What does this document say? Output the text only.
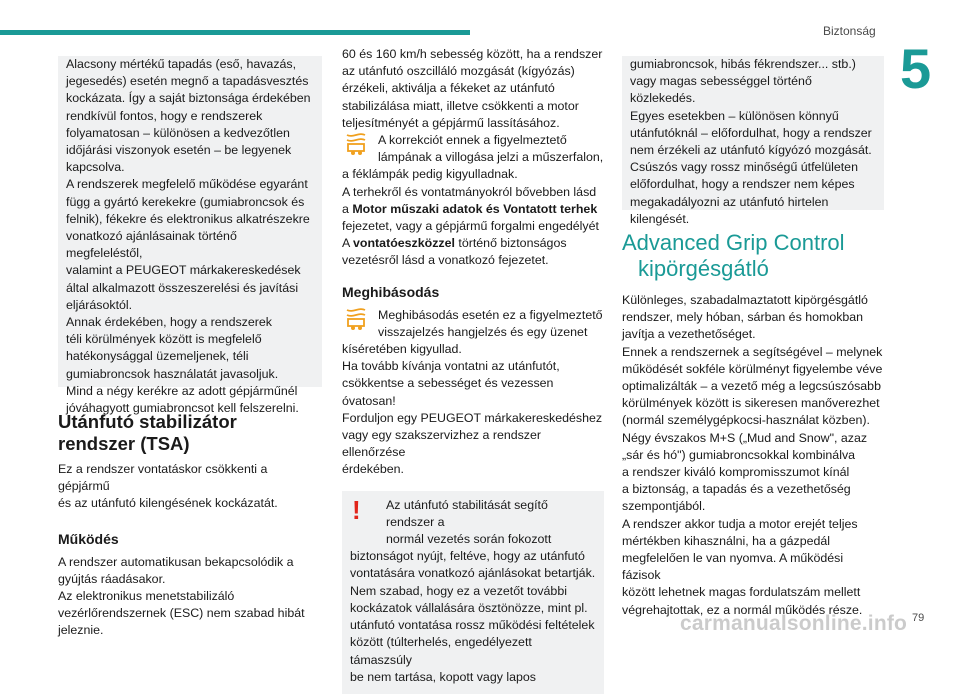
Biztonság
5
Alacsony mértékű tapadás (eső, havazás,
jegesedés) esetén megnő a tapadásvesztés
kockázata. Így a saját biztonsága érdekében
rendkívül fontos, hogy e rendszerek
folyamatosan – különösen a kedvezőtlen
időjárási viszonyok esetén – be legyenek
kapcsolva.
A rendszerek megfelelő működése egyaránt
függ a gyártó kerekekre (gumiabroncsok és
felnik), fékekre és elektronikus alkatrészekre
vonatkozó ajánlásainak történő megfeleléstől,
valamint a PEUGEOT márkakereskedések
által alkalmazott összeszerelési és javítási
eljárásoktól.
Annak érdekében, hogy a rendszerek
téli körülmények között is megfelelő
hatékonysággal üzemeljenek, téli
gumiabroncsok használatát javasoljuk.
Mind a négy kerékre az adott gépjárműnél
jóváhagyott gumiabroncsot kell felszerelni.
Utánfutó stabilizátor
rendszer (TSA)
Ez a rendszer vontatáskor csökkenti a gépjármű
és az utánfutó kilengésének kockázatát.
Működés
A rendszer automatikusan bekapcsolódik a
gyújtás ráadásakor.
Az elektronikus menetstabilizáló
vezérlőrendszernek (ESC) nem szabad hibát
jeleznie.
60 és 160 km/h sebesség között, ha a rendszer
az utánfutó oszcilláló mozgását (kígyózás)
érzékeli, aktiválja a fékeket az utánfutó
stabilizálása miatt, illetve csökkenti a motor
teljesítményét a gépjármű lassításához.
A korrekciót ennek a figyelmeztető
lámpának a villogása jelzi a műszerfalon,
a féklámpák pedig kigyulladnak.
A terhekről és vontatmányokról bővebben lásd
a Motor műszaki adatok és Vontatott terhek
fejezetet, vagy a gépjármű forgalmi engedélyét
A vontatóeszközzel történő biztonságos
vezetésről lásd a vonatkozó fejezetet.
Meghibásodás
Meghibásodás esetén ez a figyelmeztető
visszajelzés hangjelzés és egy üzenet
kíséretében kigyullad.
Ha tovább kívánja vontatni az utánfutót,
csökkentse a sebességet és vezessen óvatosan!
Forduljon egy PEUGEOT márkakereskedéshez
vagy egy szakszervizhez a rendszer ellenőrzése
érdekében.
! Az utánfutó stabilitását segítő rendszer a
normál vezetés során fokozott
biztonságot nyújt, feltéve, hogy az utánfutó
vontatására vonatkozó ajánlásokat betartják.
Nem szabad, hogy ez a vezetőt további
kockázatok vállalására ösztönözze, mint pl.
utánfutó vontatása rossz működési feltételek
között (túlterhelés, engedélyezett támaszsúly
be nem tartása, kopott vagy lapos
gumiabroncsok, hibás fékrendszer... stb.)
vagy magas sebességgel történő közlekedés.
Egyes esetekben – különösen könnyű
utánfutóknál – előfordulhat, hogy a rendszer
nem érzékeli az utánfutó kígyózó mozgását.
Csúszós vagy rossz minőségű útfelületen
előfordulhat, hogy a rendszer nem képes
megakadályozni az utánfutó hirtelen
kilengését.
Advanced Grip Control
kipörgésgátló
Különleges, szabadalmaztatott kipörgésgátló
rendszer, mely hóban, sárban és homokban
javítja a vezethetőséget.
Ennek a rendszernek a segítségével – melynek
működését sokféle körülményt figyelembe véve
optimalizálták – a vezető még a legcsúszósabb
körülmények között is sikeresen manőverezhet
(normál személygépkocsi-használat közben).
Négy évszakos M+S („Mud and Snow", azaz
„sár és hó") gumiabroncsokkal kombinálva
a rendszer kiváló kompromisszumot kínál
a biztonság, a tapadás és a vezethetőség
szempontjából.
A rendszer akkor tudja a motor erejét teljes
mértékben kihasználni, ha a gázpedál
megfelelően le van nyomva. A működési fázisok
között lehetnek magas fordulatszám mellett
végrehajtottak, ez a normál működés része.
carmanualsonline.info 79
